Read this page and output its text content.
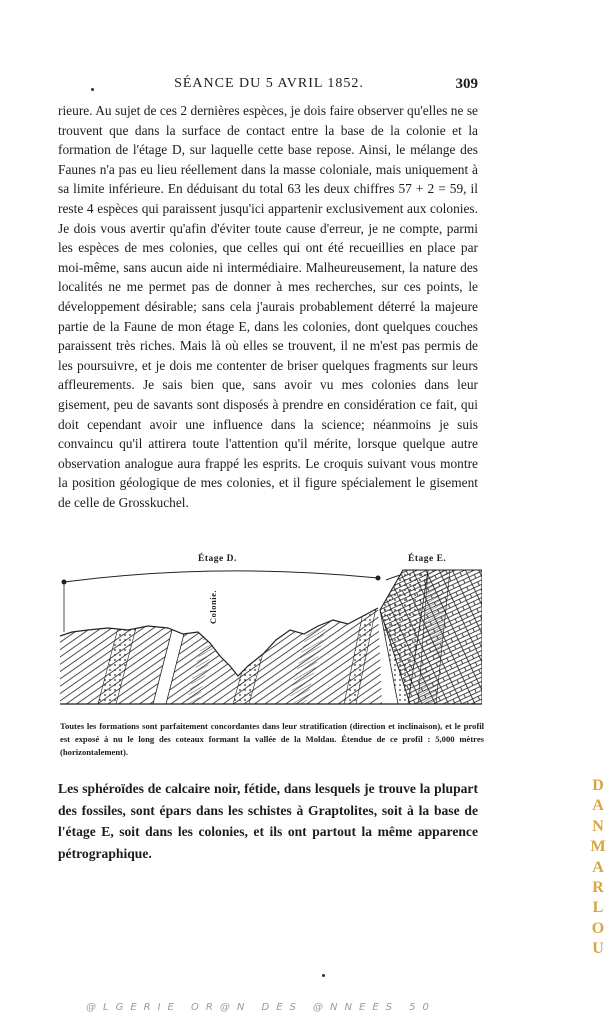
SÉANCE DU 5 AVRIL 1852.	309

rieure. Au sujet de ces 2 dernières espèces, je dois faire observer qu'elles ne se trouvent que dans la surface de contact entre la base de la colonie et la formation de l'étage D, sur laquelle cette base repose. Ainsi, le mélange des Faunes n'a pas eu lieu réellement dans la masse coloniale, mais uniquement à sa limite inférieure. En déduisant du total 63 les deux chiffres 57 + 2 = 59, il reste 4 espèces qui paraissent jusqu'ici appartenir exclusivement aux colonies. Je dois vous avertir qu'afin d'éviter toute cause d'erreur, je ne compte, parmi les espèces de mes colonies, que celles qui ont été recueillies en place par moi-même, sans aucun aide ni intermédiaire. Malheureusement, la nature des localités ne me permet pas de donner à mes recherches, sur ces points, le développement désirable; sans cela j'aurais probablement déterré la majeure partie de la Faune de mon étage E, dans les colonies, dont quelques couches paraissent très riches. Mais là où elles se trouvent, il ne m'est pas permis de les poursuivre, et je dois me contenter de briser quelques fragments sur leurs affleurements. Je sais bien que, sans avoir vu mes colonies dans leur gisement, peu de savants sont disposés à prendre en considération ce fait, qui doit cependant avoir une influence dans la science; néanmoins je suis convaincu qu'il attirera toute l'attention qu'il mérite, lorsque quelque autre observation analogue aura frappé les esprits. Le croquis suivant vous montre la position géologique de mes colonies, et il figure spécialement le gisement de celle de Grosskuchel.

Étage D.	Étage E.
Colonie.

Toutes les formations sont parfaitement concordantes dans leur stratification (direction et inclinaison), et le profil est exposé à nu le long des coteaux formant la vallée de la Moldau. Étendue de ce profil : 5,000 mètres (horizontalement).

Les sphéroïdes de calcaire noir, fétide, dans lesquels je trouve la plupart des fossiles, sont épars dans les schistes à Graptolites, soit à la base de l'étage E, soit dans les colonies, et ils ont partout la même apparence pétrographique.

DANMARLOU
@LGERIE OR@N DES @NNEES 50
